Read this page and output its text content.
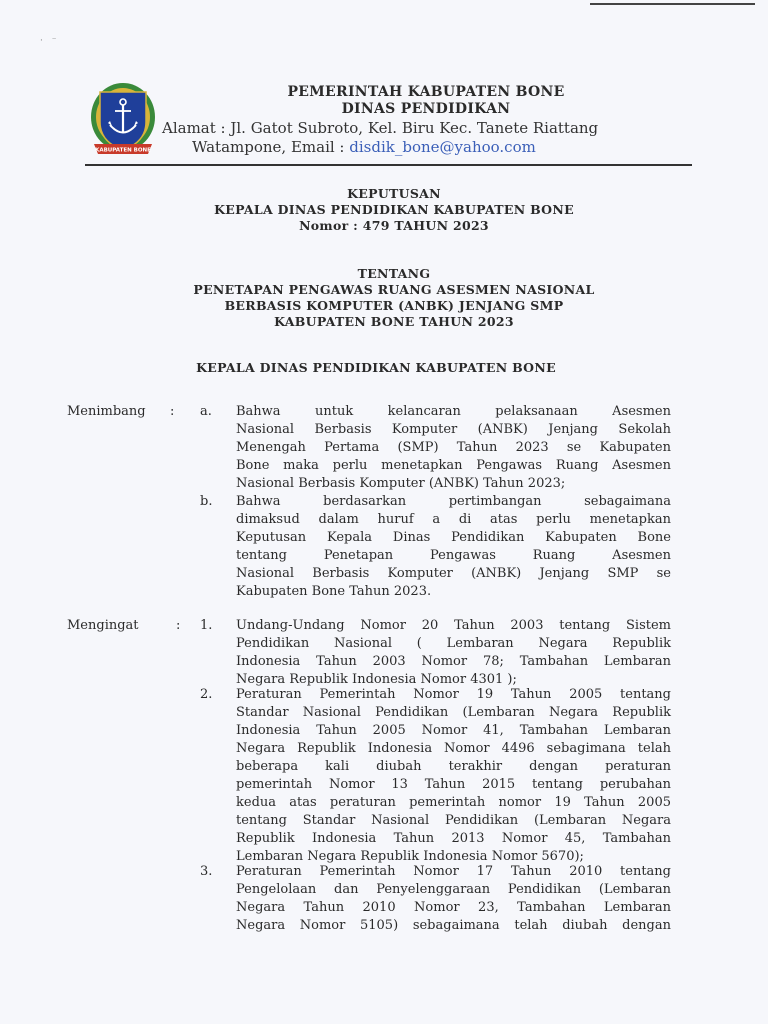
· ⁻
KABUPATEN BONE
PEMERINTAH KABUPATEN BONE
DINAS PENDIDIKAN
Alamat : Jl. Gatot Subroto, Kel. Biru Kec. Tanete Riattang
Watampone, Email : disdik_bone@yahoo.com
KEPUTUSAN
KEPALA DINAS PENDIDIKAN KABUPATEN BONE
Nomor : 479 TAHUN 2023
TENTANG
PENETAPAN PENGAWAS RUANG ASESMEN NASIONAL
BERBASIS KOMPUTER (ANBK) JENJANG SMP
KABUPATEN BONE TAHUN 2023
KEPALA DINAS PENDIDIKAN KABUPATEN BONE
Menimbang : a. Bahwa untuk kelancaran pelaksanaan Asesmen
Nasional Berbasis Komputer (ANBK) Jenjang Sekolah
Menengah Pertama (SMP) Tahun 2023 se Kabupaten
Bone maka perlu menetapkan Pengawas Ruang Asesmen
Nasional Berbasis Komputer (ANBK) Tahun 2023;
b. Bahwa berdasarkan pertimbangan sebagaimana
dimaksud dalam huruf a di atas perlu menetapkan
Keputusan Kepala Dinas Pendidikan Kabupaten Bone
tentang Penetapan Pengawas Ruang Asesmen
Nasional Berbasis Komputer (ANBK) Jenjang SMP se
Kabupaten Bone Tahun 2023.
Mengingat	: 1. Undang-Undang Nomor 20 Tahun 2003 tentang Sistem
Pendidikan Nasional ( Lembaran Negara Republik
Indonesia Tahun 2003 Nomor 78; Tambahan Lembaran
Negara Republik Indonesia Nomor 4301 );
2. Peraturan Pemerintah Nomor 19 Tahun 2005 tentang
Standar Nasional Pendidikan (Lembaran Negara Republik
Indonesia Tahun 2005 Nomor 41, Tambahan Lembaran
Negara Republik Indonesia Nomor 4496 sebagimana telah
beberapa kali diubah terakhir dengan peraturan
pemerintah Nomor 13 Tahun 2015 tentang perubahan
kedua atas peraturan pemerintah nomor 19 Tahun 2005
tentang Standar Nasional Pendidikan (Lembaran Negara
Republik Indonesia Tahun 2013 Nomor 45, Tambahan
Lembaran Negara Republik Indonesia Nomor 5670);
3. Peraturan Pemerintah Nomor 17 Tahun 2010 tentang
Pengelolaan dan Penyelenggaraan Pendidikan (Lembaran
Negara Tahun 2010 Nomor 23, Tambahan Lembaran
Negara Nomor 5105) sebagaimana telah diubah dengan
